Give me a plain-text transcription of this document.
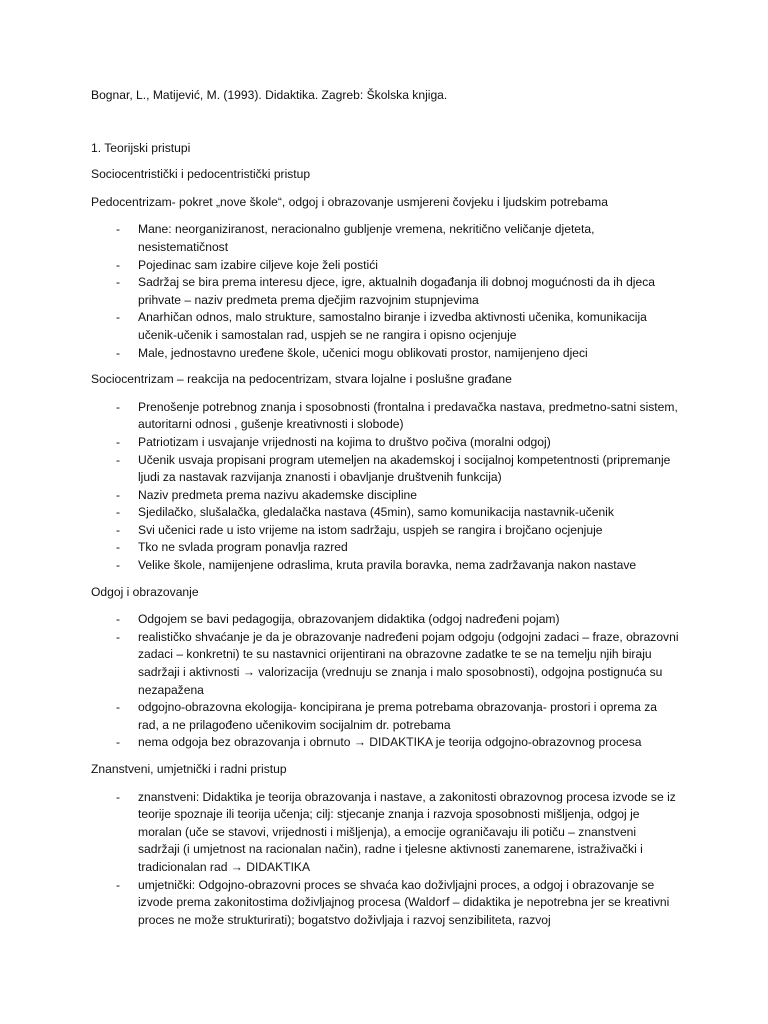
Bognar, L., Matijević, M. (1993). Didaktika. Zagreb: Školska knjiga.

1. Teorijski pristupi

Sociocentristički i pedocentristički pristup

Pedocentrizam- pokret „nove škole“, odgoj i obrazovanje usmjereni čovjeku i ljudskim potrebama

- Mane: neorganiziranost, neracionalno gubljenje vremena, nekritično veličanje djeteta, nesistematičnost
- Pojedinac sam izabire ciljeve koje želi postići
- Sadržaj se bira prema interesu djece, igre, aktualnih događanja ili dobnoj mogućnosti da ih djeca prihvate – naziv predmeta prema dječjim razvojnim stupnjevima
- Anarhičan odnos, malo strukture, samostalno biranje i izvedba aktivnosti učenika, komunikacija učenik-učenik i samostalan rad, uspjeh se ne rangira i opisno ocjenjuje
- Male, jednostavno uređene škole, učenici mogu oblikovati prostor, namijenjeno djeci

Sociocentrizam – reakcija na pedocentrizam, stvara lojalne i poslušne građane

- Prenošenje potrebnog znanja i sposobnosti (frontalna i predavačka nastava, predmetno-satni sistem, autoritarni odnosi , gušenje kreativnosti i slobode)
- Patriotizam i usvajanje vrijednosti na kojima to društvo počiva (moralni odgoj)
- Učenik usvaja propisani program utemeljen na akademskoj i socijalnoj kompetentnosti (pripremanje ljudi za nastavak razvijanja znanosti i obavljanje društvenih funkcija)
- Naziv predmeta prema nazivu akademske discipline
- Sjedilačko, slušalačka, gledalačka nastava (45min), samo komunikacija nastavnik-učenik
- Svi učenici rade u isto vrijeme na istom sadržaju, uspjeh se rangira i brojčano ocjenjuje
- Tko ne svlada program ponavlja razred
- Velike škole, namijenjene odraslima, kruta pravila boravka, nema zadržavanja nakon nastave

Odgoj i obrazovanje

- Odgojem se bavi pedagogija, obrazovanjem didaktika (odgoj nadređeni pojam)
- realističko shvaćanje je da je obrazovanje nadređeni pojam odgoju (odgojni zadaci – fraze, obrazovni zadaci – konkretni) te su nastavnici orijentirani na obrazovne zadatke te se na temelju njih biraju sadržaji i aktivnosti → valorizacija (vrednuju se znanja i malo sposobnosti), odgojna postignuća su nezapažena
- odgojno-obrazovna ekologija- koncipirana je prema potrebama obrazovanja- prostori i oprema za rad, a ne prilagođeno učenikovim socijalnim dr. potrebama
- nema odgoja bez obrazovanja i obrnuto → DIDAKTIKA je teorija odgojno-obrazovnog procesa

Znanstveni, umjetnički i radni pristup

- znanstveni: Didaktika je teorija obrazovanja i nastave, a zakonitosti obrazovnog procesa izvode se iz teorije spoznaje ili teorija učenja; cilj: stjecanje znanja i razvoja sposobnosti mišljenja, odgoj je moralan (uče se stavovi, vrijednosti i mišljenja), a emocije ograničavaju ili potiču – znanstveni sadržaji (i umjetnost na racionalan način), radne i tjelesne aktivnosti zanemarene, istraživački i tradicionalan rad → DIDAKTIKA
- umjetnički: Odgojno-obrazovni proces se shvaća kao doživljajni proces, a odgoj i obrazovanje se izvode prema zakonitostima doživljajnog procesa (Waldorf – didaktika je nepotrebna jer se kreativni proces ne može strukturirati); bogatstvo doživljaja i razvoj senzibiliteta, razvoj
